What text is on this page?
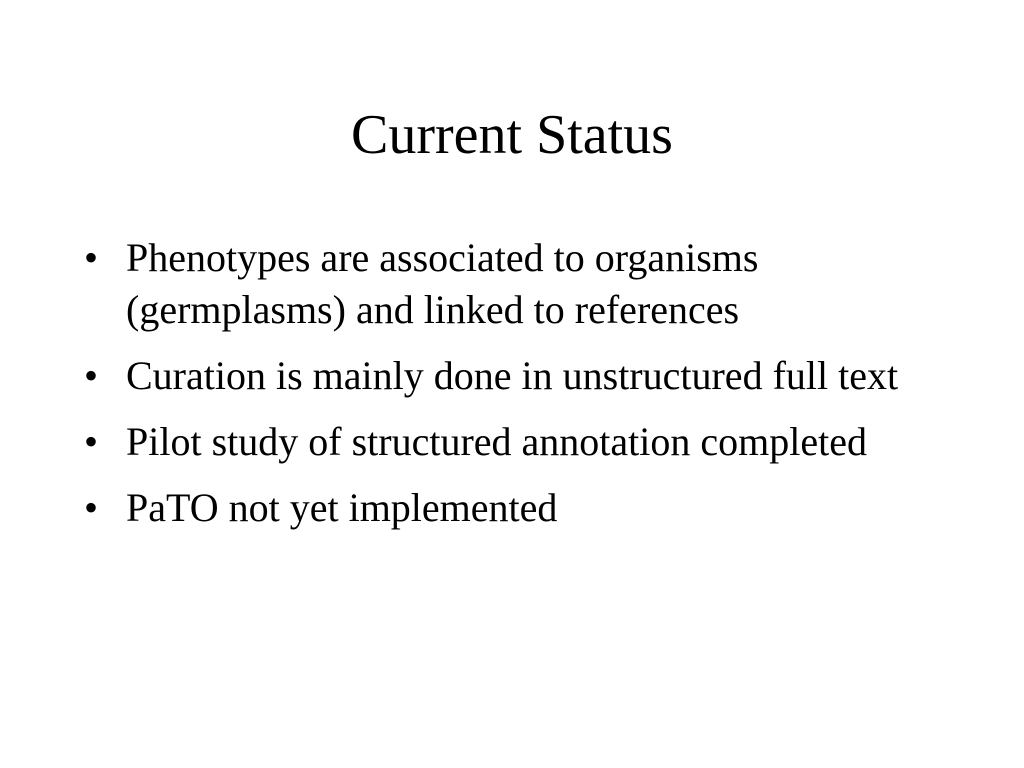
Current Status
• Phenotypes are associated to organisms (germplasms) and linked to references
• Curation is mainly done in unstructured full text
• Pilot study of structured annotation completed
• PaTO not yet implemented
